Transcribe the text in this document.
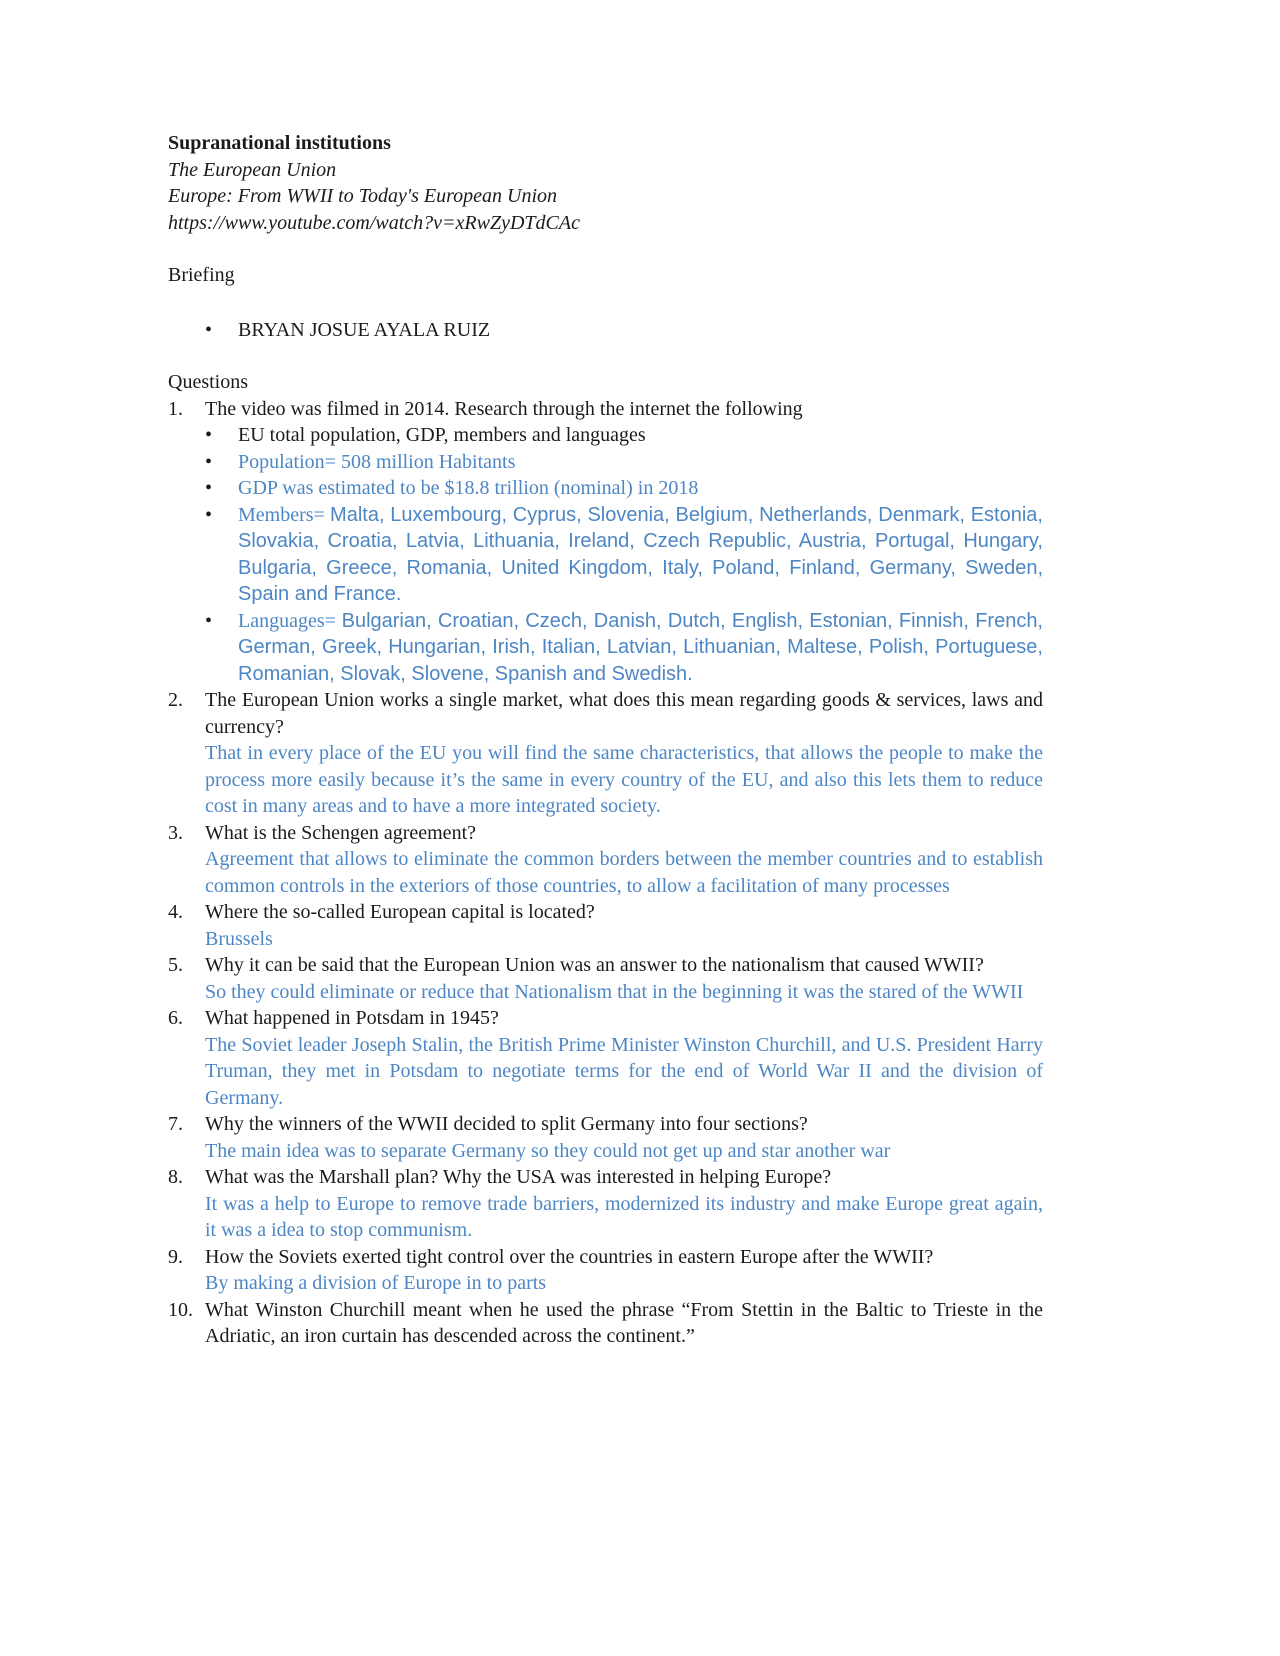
Supranational institutions

The European Union

Europe: From WWII to Today's European Union

https://www.youtube.com/watch?v=xRwZyDTdCAc

Briefing

•	BRYAN JOSUE AYALA RUIZ

Questions

1.	The video was filmed in 2014. Research through the internet the following
•	EU total population, GDP, members and languages
•	Population= 508 million Habitants
•	GDP was estimated to be $18.8 trillion (nominal) in 2018
•	Members= Malta, Luxembourg, Cyprus, Slovenia, Belgium, Netherlands, Denmark, Estonia, Slovakia, Croatia, Latvia, Lithuania, Ireland, Czech Republic, Austria, Portugal, Hungary, Bulgaria, Greece, Romania, United Kingdom, Italy, Poland, Finland, Germany, Sweden, Spain and France.
•	Languages= Bulgarian, Croatian, Czech, Danish, Dutch, English, Estonian, Finnish, French, German, Greek, Hungarian, Irish, Italian, Latvian, Lithuanian, Maltese, Polish, Portuguese, Romanian, Slovak, Slovene, Spanish and Swedish.
2.	The European Union works a single market, what does this mean regarding goods & services, laws and currency?
That in every place of the EU you will find the same characteristics, that allows the people to make the process more easily because it’s the same in every country of the EU, and also this lets them to reduce cost in many areas and to have a more integrated society.
3.	What is the Schengen agreement?
Agreement that allows to eliminate the common borders between the member countries and to establish common controls in the exteriors of those countries, to allow a facilitation of many processes
4.	Where the so-called European capital is located?
Brussels
5.	Why it can be said that the European Union was an answer to the nationalism that caused WWII?
So they could eliminate or reduce that Nationalism that in the beginning it was the stared of the WWII
6.	What happened in Potsdam in 1945?
The Soviet leader Joseph Stalin, the British Prime Minister Winston Churchill, and U.S. President Harry Truman, they met in Potsdam to negotiate terms for the end of World War II and the division of Germany.
7.	Why the winners of the WWII decided to split Germany into four sections?
The main idea was to separate Germany so they could not get up and star another war
8.	What was the Marshall plan? Why the USA was interested in helping Europe?
It was a help to Europe to remove trade barriers, modernized its industry and make Europe great again, it was a idea to stop communism.
9.	How the Soviets exerted tight control over the countries in eastern Europe after the WWII?
By making a division of Europe in to parts
10. What Winston Churchill meant when he used the phrase “From Stettin in the Baltic to Trieste in the Adriatic, an iron curtain has descended across the continent.”
